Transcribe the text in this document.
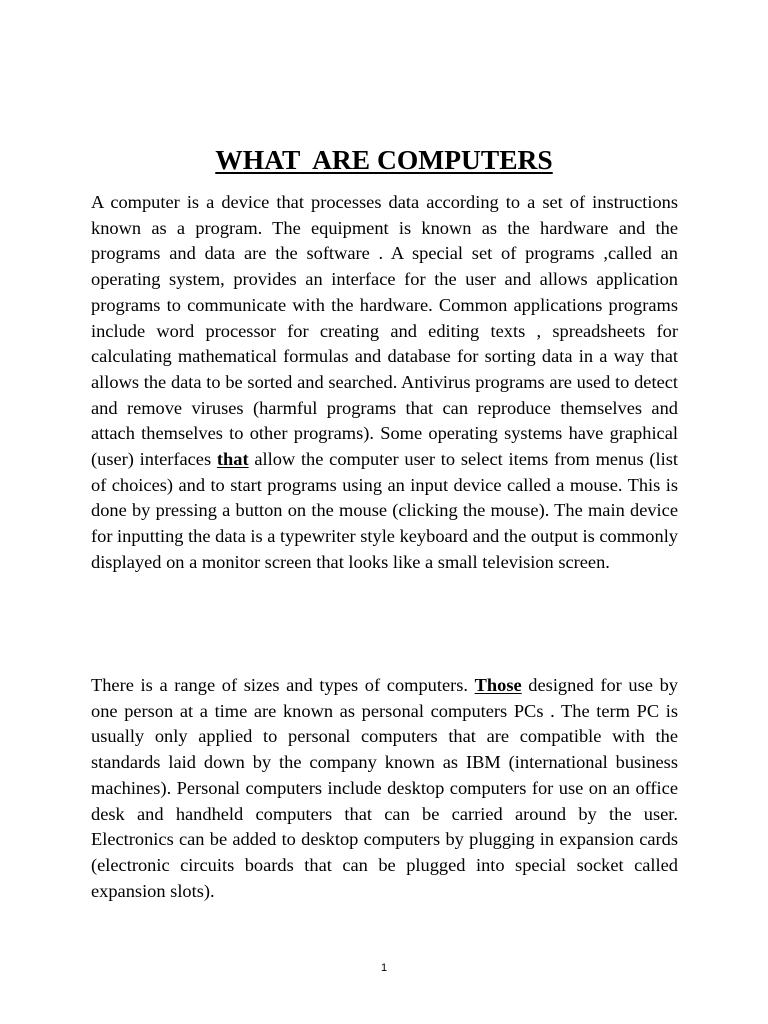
WHAT  ARE COMPUTERS

A computer is a device that processes data according to a set of instructions known as a program. The equipment is known as the hardware and the programs and data are the software . A special set of programs ,called an operating system, provides an interface for the user and allows application programs to communicate with the hardware. Common applications programs include word processor for creating and editing texts , spreadsheets for calculating mathematical formulas and database for sorting data in a way that allows the data to be sorted and searched. Antivirus programs are used to detect and remove viruses (harmful programs that can reproduce themselves and attach themselves to other programs). Some operating systems have graphical (user) interfaces that allow the computer user to select items from menus (list of choices) and to start programs using an input device called a mouse. This is done by pressing a button on the mouse (clicking the mouse). The main device for inputting the data is a typewriter style keyboard and the output is commonly displayed on a monitor screen that looks like a small television screen.

There is a range of sizes and types of computers. Those designed for use by one person at a time are known as personal computers PCs . The term PC is usually only applied to personal computers that are compatible with the standards laid down by the company known as IBM (international business machines). Personal computers include desktop computers for use on an office desk and handheld computers that can be carried around by the user. Electronics can be added to desktop computers by plugging in expansion cards (electronic circuits boards that can be plugged into special socket called expansion slots).

1
